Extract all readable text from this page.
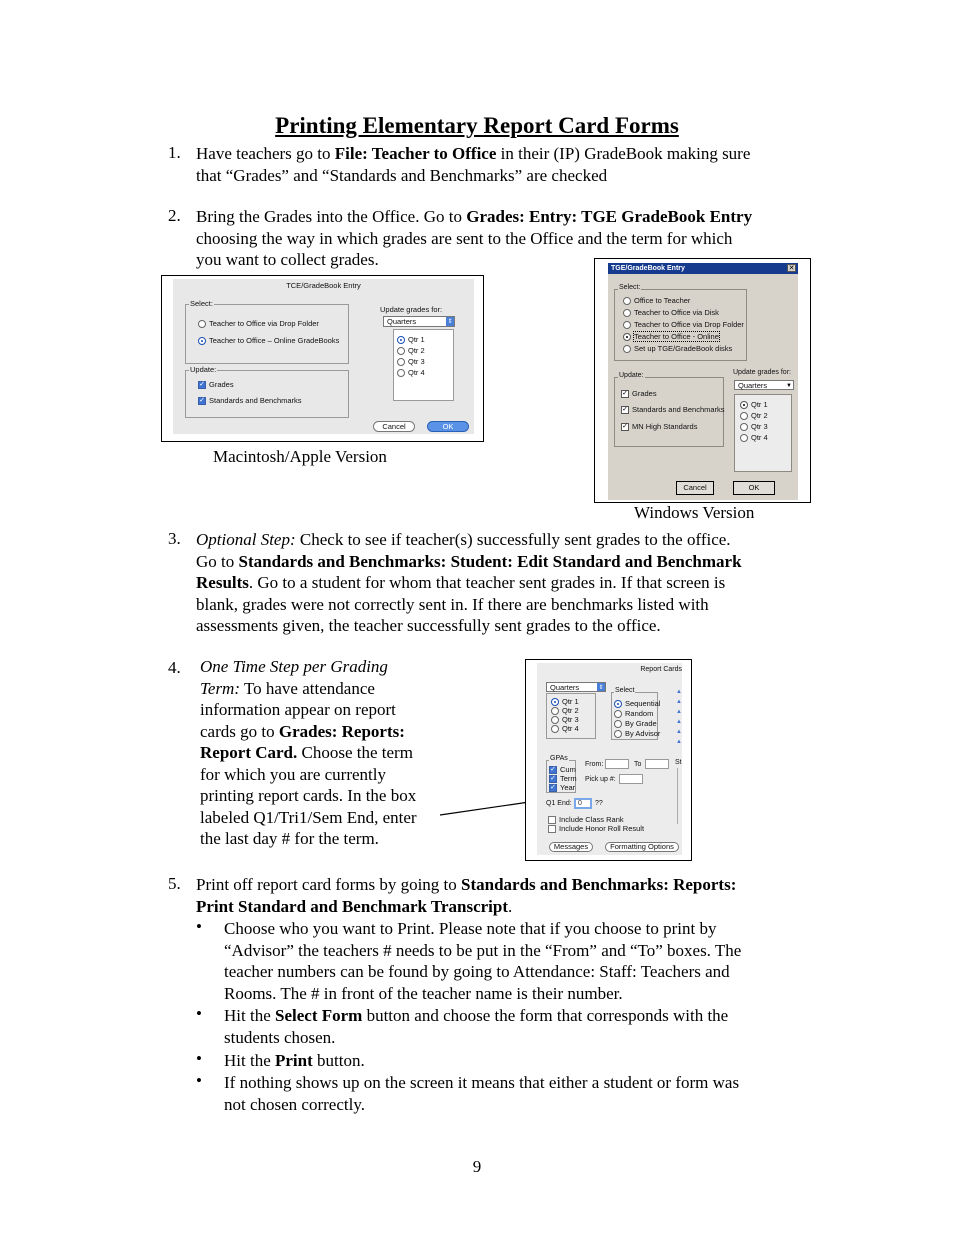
Printing Elementary Report Card Forms
1. Have teachers go to File: Teacher to Office in their (IP) GradeBook making sure
that “Grades” and “Standards and Benchmarks” are checked
2. Bring the Grades into the Office. Go to Grades: Entry: TGE GradeBook Entry
choosing the way in which grades are sent to the Office and the term for which
you want to collect grades.
TCE/GradeBook Entry
Select:
Teacher to Office via Drop Folder
Teacher to Office – Online GradeBooks
Update grades for:
Quarters	⇕
Qtr 1
Qtr 2
Qtr 3
Qtr 4
Update:
✓ Grades
✓ Standards and Benchmarks
Cancel	OK
Macintosh/Apple Version
TGE/GradeBook Entry	✕
Select:
Office to Teacher
Teacher to Office via Disk
Teacher to Office via Drop Folder
Teacher to Office - Online
Set up TGE/GradeBook disks
Update:
✓ Grades
✓ Standards and Benchmarks
✓ MN High Standards
Update grades for:
Quarters	▼
Qtr 1
Qtr 2
Qtr 3
Qtr 4
Cancel	OK
Windows Version
3. Optional Step: Check to see if teacher(s) successfully sent grades to the office.
Go to Standards and Benchmarks: Student: Edit Standard and Benchmark
Results. Go to a student for whom that teacher sent grades in. If that screen is
blank, grades were not correctly sent in. If there are benchmarks listed with
assessments given, the teacher successfully sent grades to the office.
4. One Time Step per Grading
Term: To have attendance
information appear on report
cards go to Grades: Reports:
Report Card. Choose the term
for which you are currently
printing report cards. In the box
labeled Q1/Tri1/Sem End, enter
the last day # for the term.
Report Cards
Quarters	⇕
Qtr 1
Qtr 2
Qtr 3
Qtr 4
Select
Sequential
Random
By Grade
By Advisor
▲
▲
▲
▲
▲
▲
GPAs
✓ Cum
✓ Term
✓ Year
From:	To	St
Pick up #:
Q1 End: 0	??
Include Class Rank
Include Honor Roll Result
Messages	Formatting Options
5. Print off report card forms by going to Standards and Benchmarks: Reports:
Print Standard and Benchmark Transcript.
• Choose who you want to Print. Please note that if you choose to print by
“Advisor” the teachers # needs to be put in the “From” and “To” boxes. The
teacher numbers can be found by going to Attendance: Staff: Teachers and
Rooms. The # in front of the teacher name is their number.
• Hit the Select Form button and choose the form that corresponds with the
students chosen.
• Hit the Print button.
• If nothing shows up on the screen it means that either a student or form was
not chosen correctly.
9
